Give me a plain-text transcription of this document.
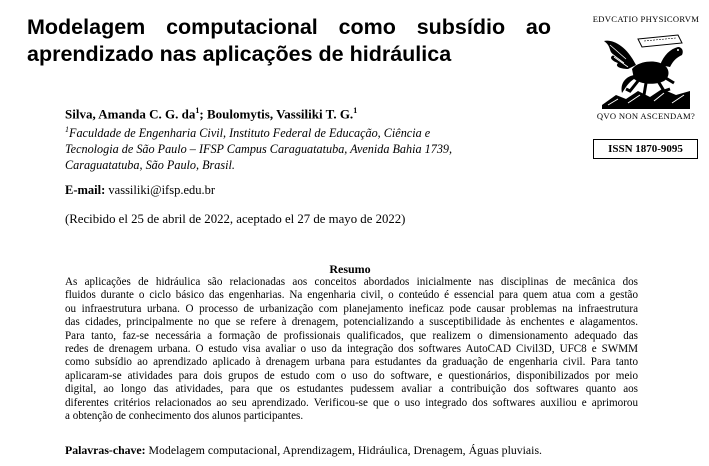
Modelagem computacional como subsídio ao
aprendizado nas aplicações de hidráulica
EDVCATIO PHYSICORVM
QVO NON ASCENDAM?
ISSN 1870-9095
Silva, Amanda C. G. $da^1$; Boulomytis, Vassiliki T. G.$^1$
$^1$Faculdade de Engenharia Civil, Instituto Federal de Educação, Ciência e
Tecnologia de São Paulo – IFSP Campus Caraguatatuba, Avenida Bahia 1739,
Caraguatatuba, São Paulo, Brasil.
E-mail: vassiliki@ifsp.edu.br
(Recibido el 25 de abril de 2022, aceptado el 27 de mayo de 2022)
Resumo
As aplicações de hidráulica são relacionadas aos conceitos abordados inicialmente nas disciplinas de mecânica dos
fluidos durante o ciclo básico das engenharias. Na engenharia civil, o conteúdo é essencial para quem atua com a gestão
ou infraestrutura urbana. O processo de urbanização com planejamento ineficaz pode causar problemas na infraestrutura
das cidades, principalmente no que se refere à drenagem, potencializando a susceptibilidade às enchentes e alagamentos.
Para tanto, faz-se necessária a formação de profissionais qualificados, que realizem o dimensionamento adequado das
redes de drenagem urbana. O estudo visa avaliar o uso da integração dos softwares AutoCAD Civil3D, UFC8 e SWMM
como subsídio ao aprendizado aplicado à drenagem urbana para estudantes da graduação de engenharia civil. Para tanto
aplicaram-se atividades para dois grupos de estudo com o uso do software, e questionários, disponibilizados por meio
digital, ao longo das atividades, para que os estudantes pudessem avaliar a contribuição dos softwares quanto aos
diferentes critérios relacionados ao seu aprendizado. Verificou-se que o uso integrado dos softwares auxiliou e aprimorou
a obtenção de conhecimento dos alunos participantes.
Palavras-chave: Modelagem computacional, Aprendizagem, Hidráulica, Drenagem, Águas pluviais.
